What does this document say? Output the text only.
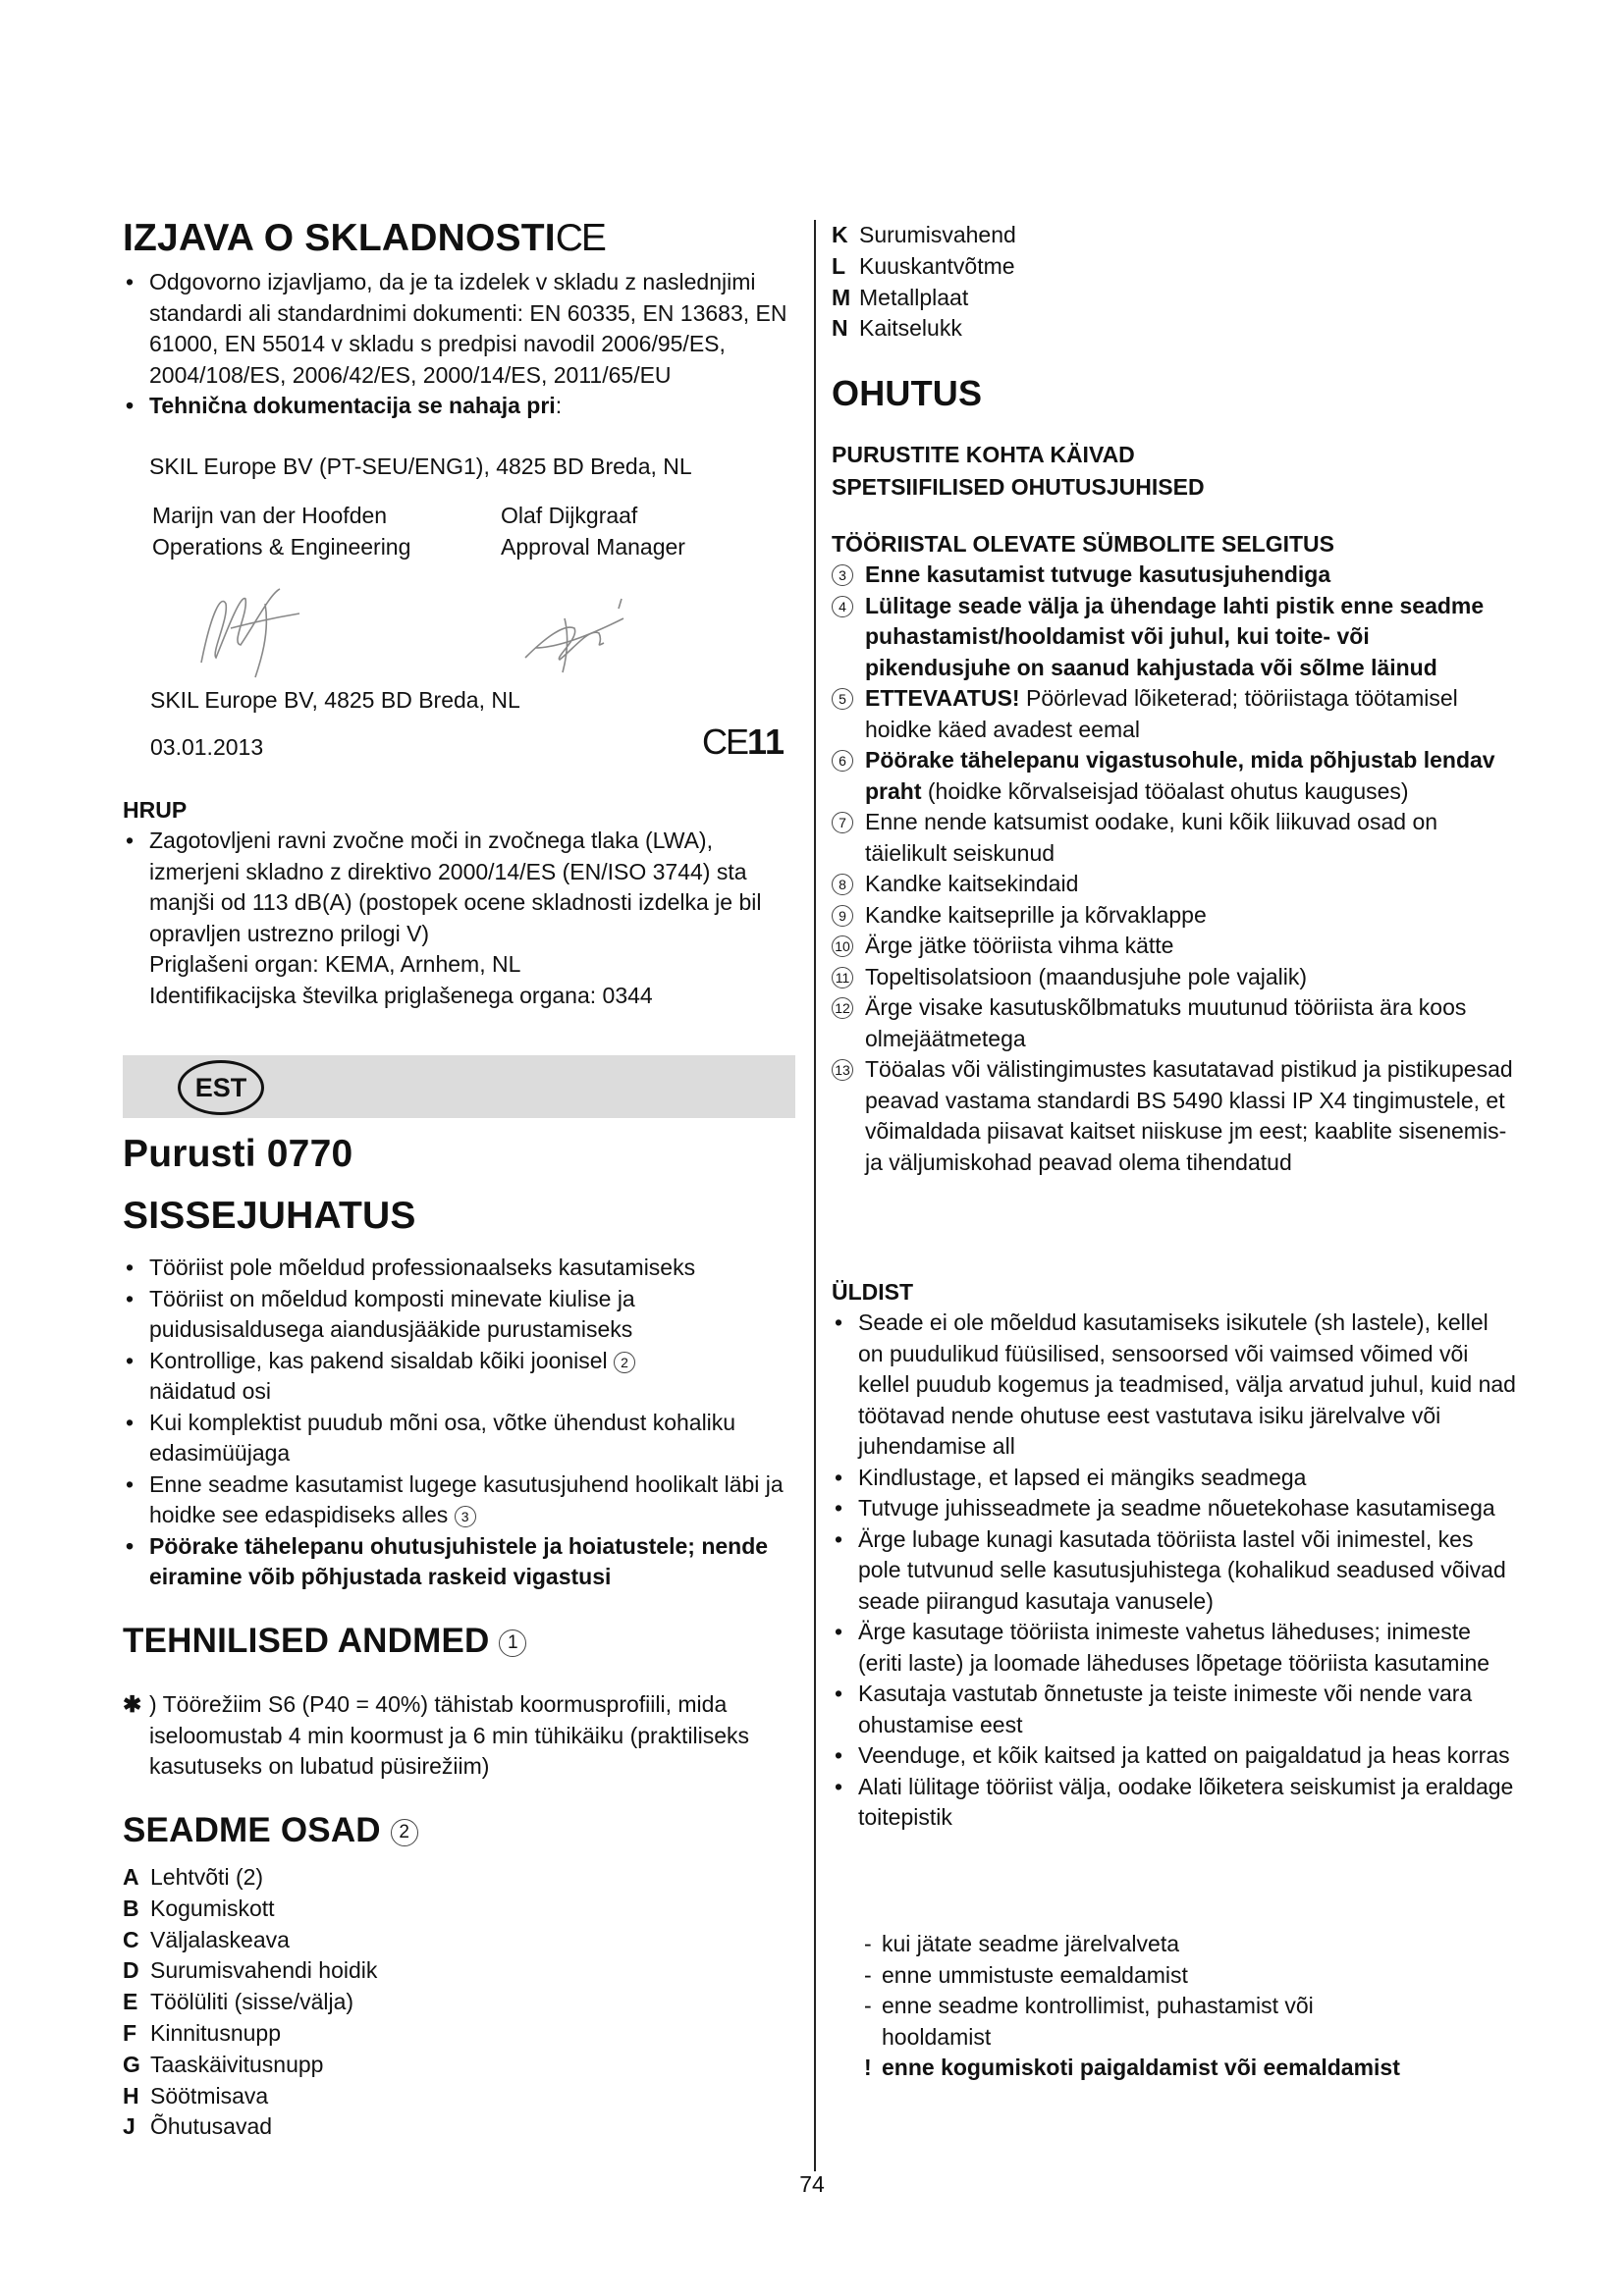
IZJAVA O SKLADNOSTICE
• Odgovorno izjavljamo, da je ta izdelek v skladu z naslednjimi standardi ali standardnimi dokumenti: EN 60335, EN 13683, EN 61000, EN 55014 v skladu s predpisi navodil 2006/95/ES, 2004/108/ES, 2006/42/ES, 2000/14/ES, 2011/65/EU
• Tehnična dokumentacija se nahaja pri:
SKIL Europe BV (PT-SEU/ENG1), 4825 BD Breda, NL
Marijn van der Hoofden
Operations & Engineering
Olaf Dijkgraaf
Approval Manager
SKIL Europe BV, 4825 BD Breda, NL
03.01.2013	CE11
HRUP
• Zagotovljeni ravni zvočne moči in zvočnega tlaka (LWA), izmerjeni skladno z direktivo 2000/14/ES (EN/ISO 3744) sta manjši od 113 dB(A) (postopek ocene skladnosti izdelka je bil opravljen ustrezno prilogi V)
Priglašeni organ: KEMA, Arnhem, NL
Identifikacijska številka priglašenega organa: 0344
EST
Purusti 0770
SISSEJUHATUS
• Tööriist pole mõeldud professionaalseks kasutamiseks
• Tööriist on mõeldud komposti minevate kiulise ja puidusisaldusega aiandusjääkide purustamiseks
• Kontrollige, kas pakend sisaldab kõiki joonisel 2
näidatud osi
• Kui komplektist puudub mõni osa, võtke ühendust kohaliku edasimüüjaga
• Enne seadme kasutamist lugege kasutusjuhend hoolikalt läbi ja hoidke see edaspidiseks alles 3
• Pöörake tähelepanu ohutusjuhistele ja hoiatustele; nende eiramine võib põhjustada raskeid vigastusi
TEHNILISED ANDMED 1
✱ ) Töörežiim S6 (P40 = 40%) tähistab koormusprofiili, mida iseloomustab 4 min koormust ja 6 min tühikäiku (praktiliseks kasutuseks on lubatud püsirežiim)
SEADME OSAD 2
A Lehtvõti (2)
B Kogumiskott
C Väljalaskeava
D Surumisvahendi hoidik
E Töölüliti (sisse/välja)
F Kinnitusnupp
G Taaskäivitusnupp
H Söötmisava
J Õhutusavad
K Surumisvahend
L Kuuskantvõtme
M Metallplaat
N Kaitselukk
OHUTUS
PURUSTITE KOHTA KÄIVAD
SPETSIIFILISED OHUTUSJUHISED
TÖÖRIISTAL OLEVATE SÜMBOLITE SELGITUS
3 Enne kasutamist tutvuge kasutusjuhendiga
4 Lülitage seade välja ja ühendage lahti pistik enne seadme puhastamist/hooldamist või juhul, kui toite- või pikendusjuhe on saanud kahjustada või sõlme läinud
5 ETTEVAATUS! Pöörlevad lõiketerad; tööriistaga töötamisel hoidke käed avadest eemal
6 Pöörake tähelepanu vigastusohule, mida põhjustab lendav praht (hoidke kõrvalseisjad tööalast ohutus kauguses)
7 Enne nende katsumist oodake, kuni kõik liikuvad osad on täielikult seiskunud
8 Kandke kaitsekindaid
9 Kandke kaitseprille ja kõrvaklappe
10 Ärge jätke tööriista vihma kätte
11 Topeltisolatsioon (maandusjuhe pole vajalik)
12 Ärge visake kasutuskõlbmatuks muutunud tööriista ära koos olmejäätmetega
13 Tööalas või välistingimustes kasutatavad pistikud ja pistikupesad peavad vastama standardi BS 5490 klassi IP X4 tingimustele, et võimaldada piisavat kaitset niiskuse jm eest; kaablite sisenemis- ja väljumiskohad peavad olema tihendatud
ÜLDIST
• Seade ei ole mõeldud kasutamiseks isikutele (sh lastele), kellel on puudulikud füüsilised, sensoorsed või vaimsed võimed või kellel puudub kogemus ja teadmised, välja arvatud juhul, kuid nad töötavad nende ohutuse eest vastutava isiku järelvalve või juhendamise all
• Kindlustage, et lapsed ei mängiks seadmega
• Tutvuge juhisseadmete ja seadme nõuetekohase kasutamisega
• Ärge lubage kunagi kasutada tööriista lastel või inimestel, kes pole tutvunud selle kasutusjuhistega (kohalikud seadused võivad seade piirangud kasutaja vanusele)
• Ärge kasutage tööriista inimeste vahetus läheduses; inimeste (eriti laste) ja loomade läheduses lõpetage tööriista kasutamine
• Kasutaja vastutab õnnetuste ja teiste inimeste või nende vara ohustamise eest
• Veenduge, et kõik kaitsed ja katted on paigaldatud ja heas korras
• Alati lülitage tööriist välja, oodake lõiketera seiskumist ja eraldage toitepistik
- kui jätate seadme järelvalveta
- enne ummistuste eemaldamist
- enne seadme kontrollimist, puhastamist või hooldamist
! enne kogumiskoti paigaldamist või eemaldamist
74
